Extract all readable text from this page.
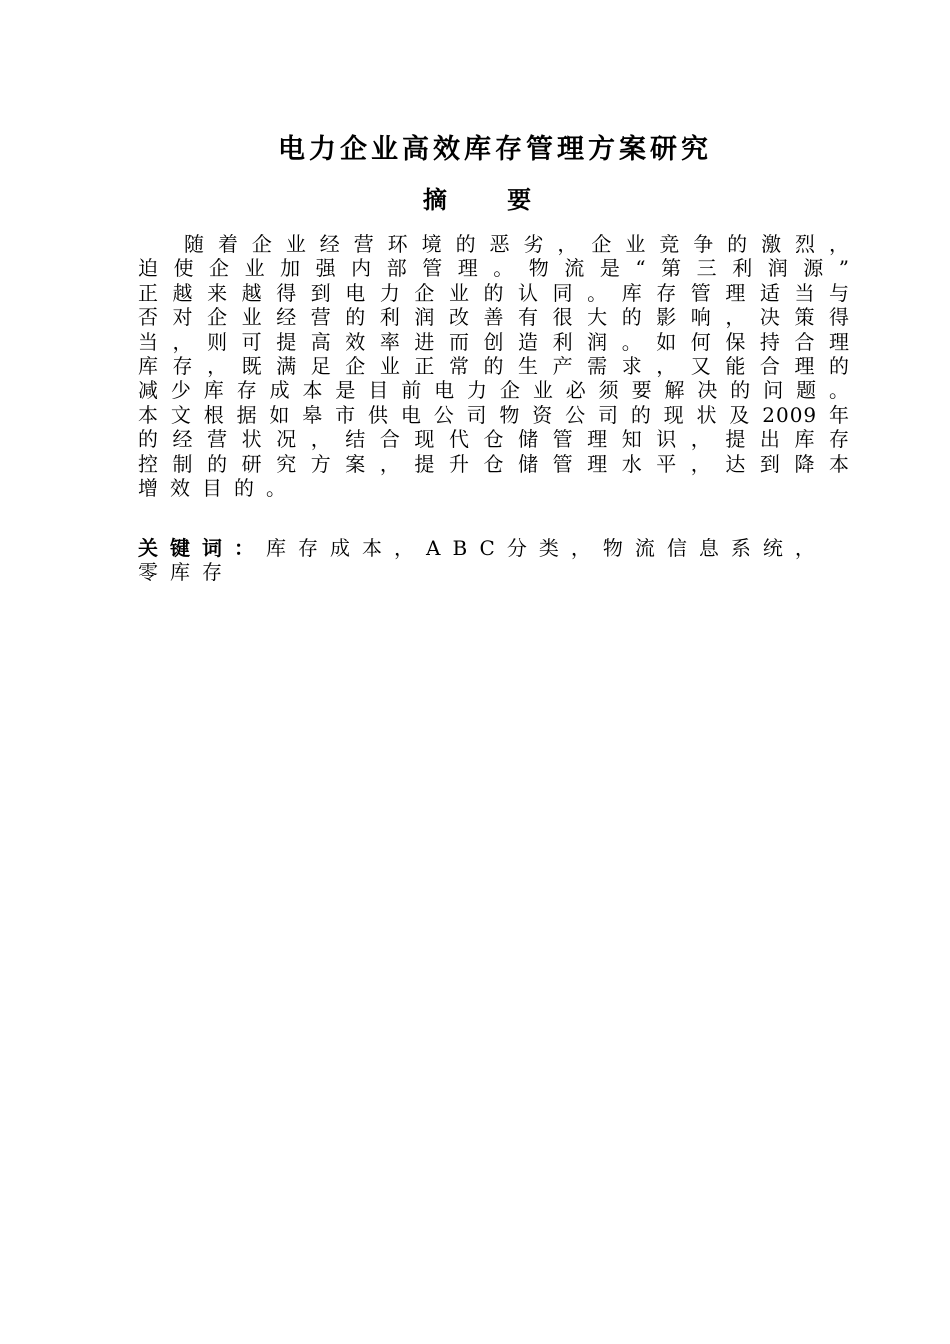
电力企业高效库存管理方案研究
摘 要
随着企业经营环境的恶劣，企业竞争的激烈，
迫使企业加强内部管理。物流是“第三利润源”
正越来越得到电力企业的认同。库存管理适当与
否对企业经营的利润改善有很大的影响，决策得
当，则可提高效率进而创造利润。如何保持合理
库存，既满足企业正常的生产需求，又能合理的
减少库存成本是目前电力企业必须要解决的问题。
本文根据如皋市供电公司物资公司的现状及2009年
的经营状况，结合现代仓储管理知识，提出库存
控制的研究方案，提升仓储管理水平，达到降本
增效目的。
关键词：库存成本，ABC分类，物流信息系统，
零库存
